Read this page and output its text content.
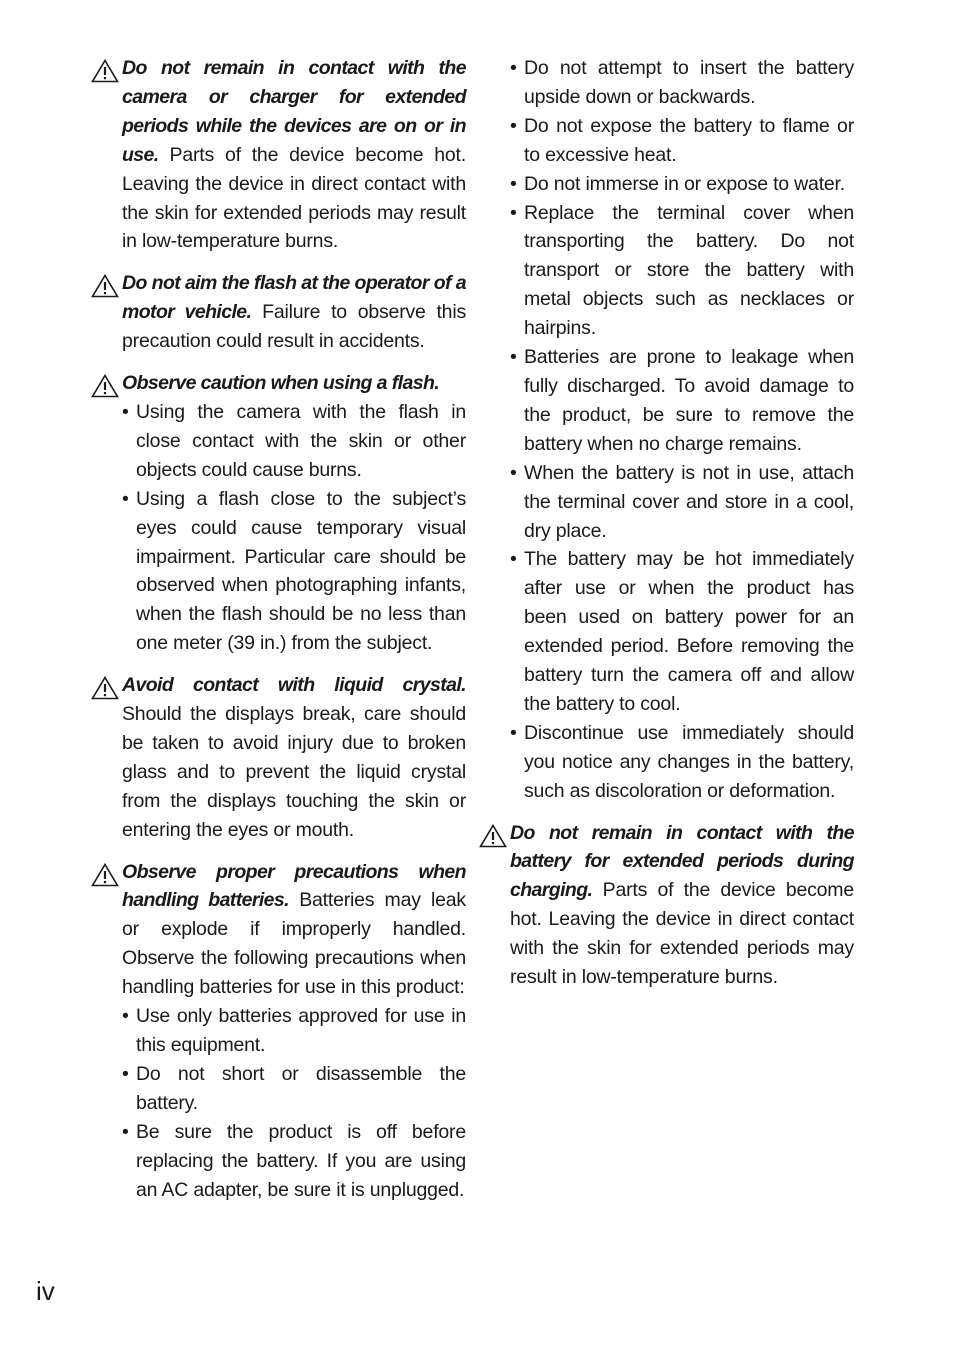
Do not remain in contact with the camera or charger for extended periods while the devices are on or in use. Parts of the device become hot. Leaving the device in direct contact with the skin for extended periods may result in low-temperature burns.
Do not aim the flash at the operator of a motor vehicle. Failure to observe this precaution could result in accidents.
Observe caution when using a flash.
• Using the camera with the flash in close contact with the skin or other objects could cause burns.
• Using a flash close to the subject’s eyes could cause temporary visual impairment. Particular care should be observed when photographing infants, when the flash should be no less than one meter (39 in.) from the subject.
Avoid contact with liquid crystal. Should the displays break, care should be taken to avoid injury due to broken glass and to prevent the liquid crystal from the displays touching the skin or entering the eyes or mouth.
Observe proper precautions when handling batteries. Batteries may leak or explode if improperly handled. Observe the following precautions when handling batteries for use in this product:
• Use only batteries approved for use in this equipment.
• Do not short or disassemble the battery.
• Be sure the product is off before replacing the battery. If you are using an AC adapter, be sure it is unplugged.
• Do not attempt to insert the battery upside down or backwards.
• Do not expose the battery to flame or to excessive heat.
• Do not immerse in or expose to water.
• Replace the terminal cover when transporting the battery. Do not transport or store the battery with metal objects such as necklaces or hairpins.
• Batteries are prone to leakage when fully discharged. To avoid damage to the product, be sure to remove the battery when no charge remains.
• When the battery is not in use, attach the terminal cover and store in a cool, dry place.
• The battery may be hot immediately after use or when the product has been used on battery power for an extended period. Before removing the battery turn the camera off and allow the battery to cool.
• Discontinue use immediately should you notice any changes in the battery, such as discoloration or deformation.
Do not remain in contact with the battery for extended periods during charging. Parts of the device become hot. Leaving the device in direct contact with the skin for extended periods may result in low-temperature burns.
iv
